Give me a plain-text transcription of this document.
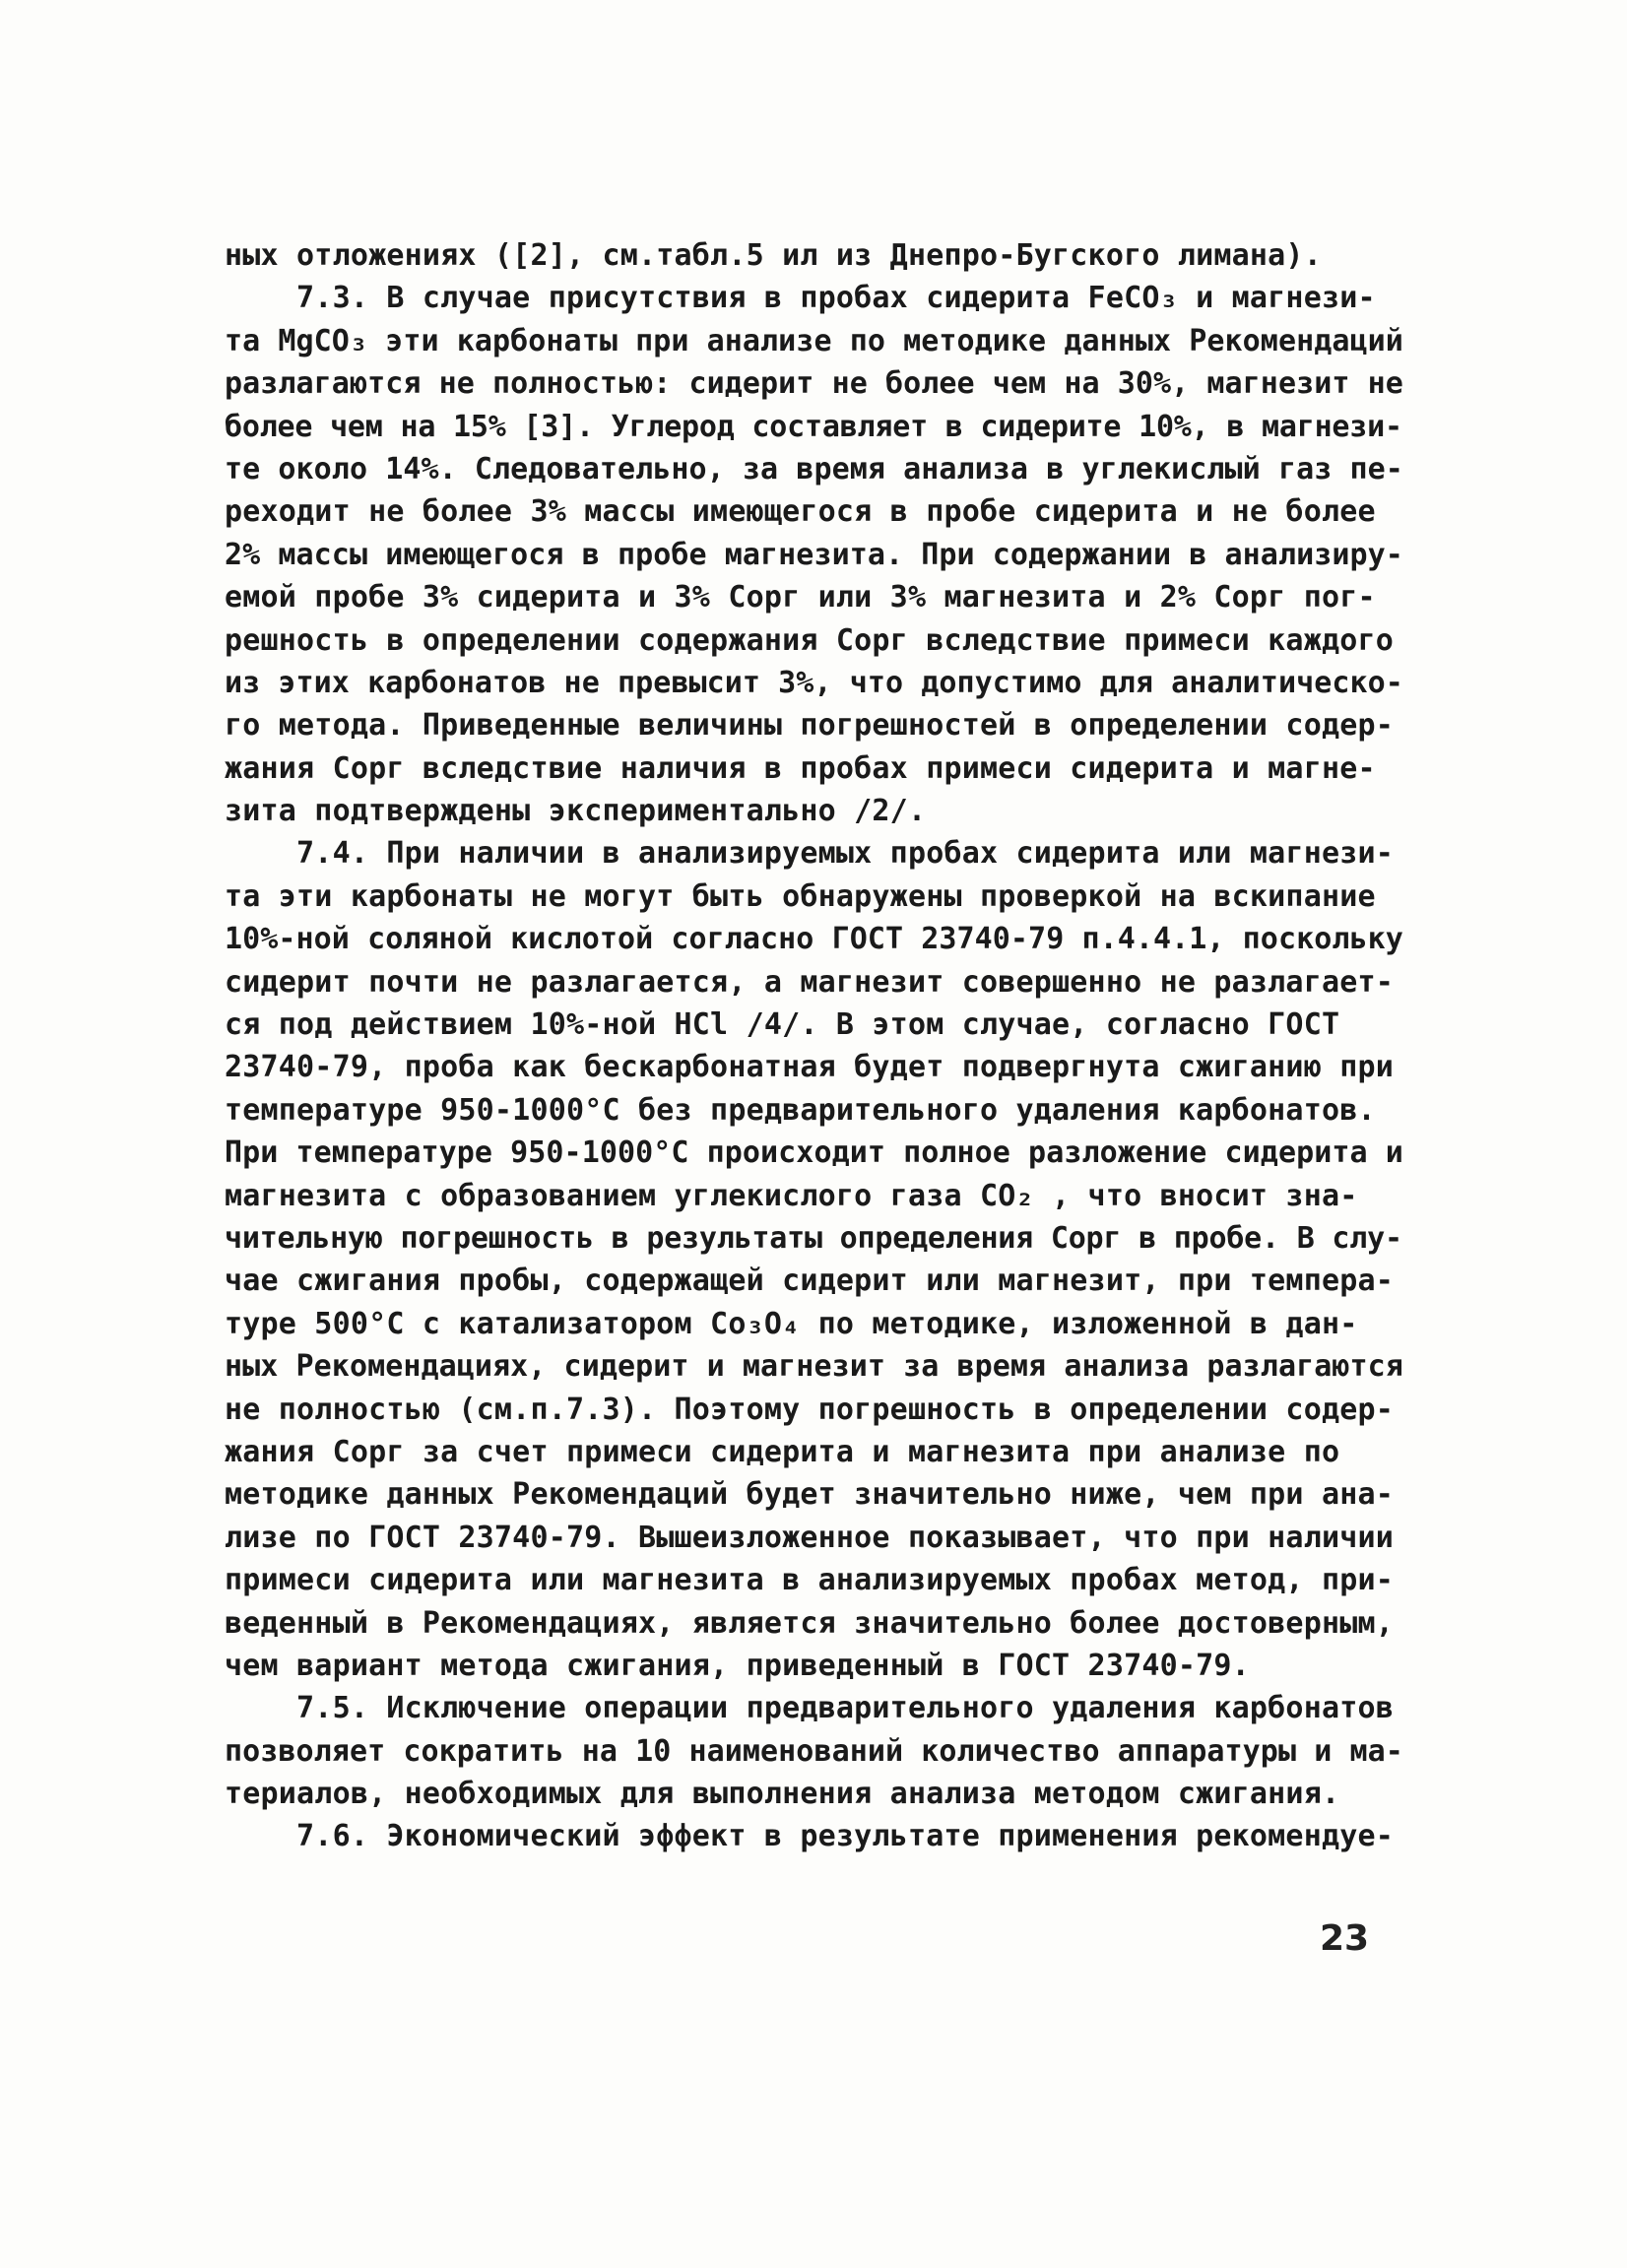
ных отложениях ([2], см.табл.5 ил из Днепро-Бугского лимана).
7.3. В случае присутствия в пробах сидерита FeCO₃ и магнези-
та MgCO₃ эти карбонаты при анализе по методике данных Рекомендаций
разлагаются не полностью: сидерит не более чем на 30%, магнезит не
более чем на 15% [3]. Углерод составляет в сидерите 10%, в магнези-
те около 14%. Следовательно, за время анализа в углекислый газ пе-
реходит не более 3% массы имеющегося в пробе сидерита и не более
2% массы имеющегося в пробе магнезита. При содержании в анализиру-
емой пробе 3% сидерита и 3% Cорг или 3% магнезита и 2% Cорг пог-
решность в определении содержания Cорг вследствие примеси каждого
из этих карбонатов не превысит 3%, что допустимо для аналитическо-
го метода. Приведенные величины погрешностей в определении содер-
жания Cорг вследствие наличия в пробах примеси сидерита и магне-
зита подтверждены экспериментально /2/.
7.4. При наличии в анализируемых пробах сидерита или магнези-
та эти карбонаты не могут быть обнаружены проверкой на вскипание
10%-ной соляной кислотой согласно ГОСТ 23740-79 п.4.4.1, поскольку
сидерит почти не разлагается, а магнезит совершенно не разлагает-
ся под действием 10%-ной HCl /4/. В этом случае, согласно ГОСТ
23740-79, проба как бескарбонатная будет подвергнута сжиганию при
температуре 950-1000°С без предварительного удаления карбонатов.
При температуре 950-1000°С происходит полное разложение сидерита и
магнезита с образованием углекислого газа CO₂ , что вносит зна-
чительную погрешность в результаты определения Cорг в пробе. В слу-
чае сжигания пробы, содержащей сидерит или магнезит, при темпера-
туре 500°С с катализатором Co₃O₄ по методике, изложенной в дан-
ных Рекомендациях, сидерит и магнезит за время анализа разлагаются
не полностью (см.п.7.3). Поэтому погрешность в определении содер-
жания Cорг за счет примеси сидерита и магнезита при анализе по
методике данных Рекомендаций будет значительно ниже, чем при ана-
лизе по ГОСТ 23740-79. Вышеизложенное показывает, что при наличии
примеси сидерита или магнезита в анализируемых пробах метод, при-
веденный в Рекомендациях, является значительно более достоверным,
чем вариант метода сжигания, приведенный в ГОСТ 23740-79.
7.5. Исключение операции предварительного удаления карбонатов
позволяет сократить на 10 наименований количество аппаратуры и ма-
териалов, необходимых для выполнения анализа методом сжигания.
7.6. Экономический эффект в результате применения рекомендуе-
23
